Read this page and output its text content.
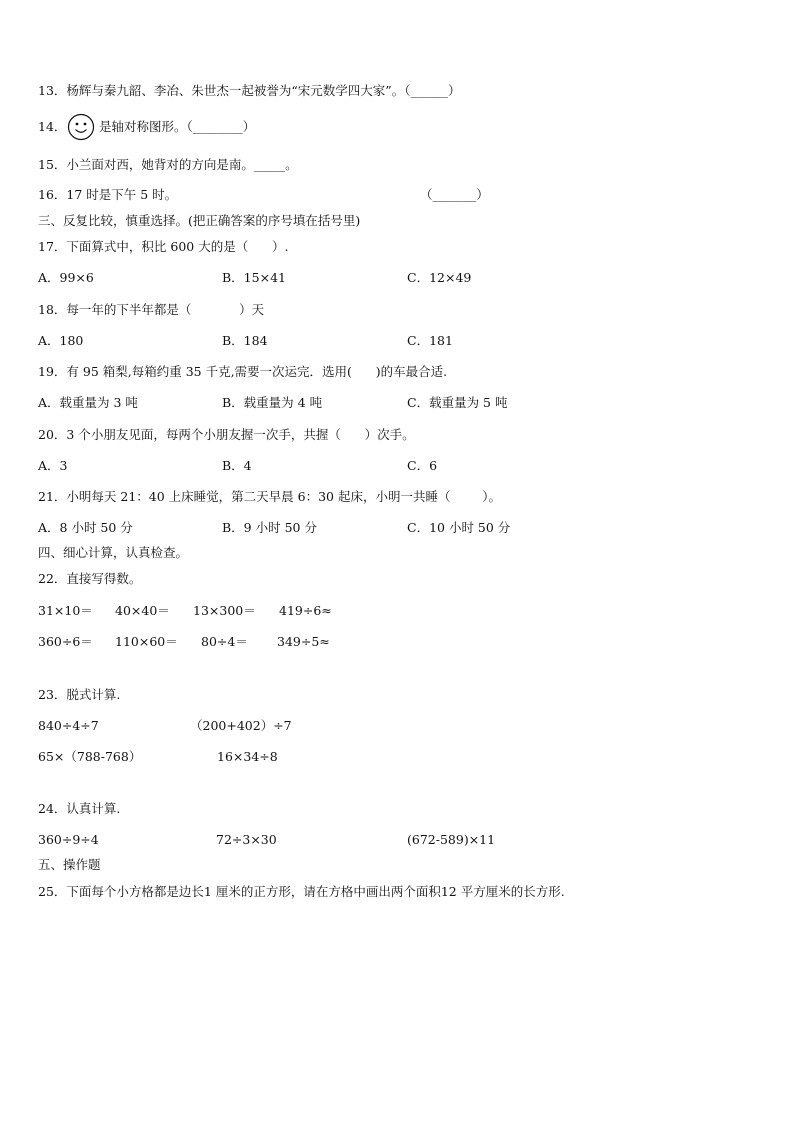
13．杨辉与秦九韶、李冶、朱世杰一起被誉为“宋元数学四大家”。（______）
14．	是轴对称图形。（________）
15．小兰面对西，她背对的方向是南。_____。
16．17 时是下午 5 时。	（_______）
三、反复比较，慎重选择。(把正确答案的序号填在括号里)
17．下面算式中，积比 600 大的是（      ）.
A．99×6	B．15×41	C．12×49
18．每一年的下半年都是（            ）天
A．180	B．184	C．181
19．有 95 箱梨,每箱约重 35 千克,需要一次运完．选用(      )的车最合适.
A．载重量为 3 吨	B．载重量为 4 吨	C．载重量为 5 吨
20．3 个小朋友见面，每两个小朋友握一次手，共握（      ）次手。
A．3	B．4	C．6
21．小明每天 21：40 上床睡觉，第二天早晨 6：30 起床，小明一共睡（        ）。
A．8 小时 50 分	B．9 小时 50 分	C．10 小时 50 分
四、细心计算，认真检查。
22．直接写得数。
31×10＝ 40×40＝ 13×300＝ 419÷6≈
360÷6＝ 110×60＝ 80÷4＝ 349÷5≈
23．脱式计算.
840÷4÷7	（200+402）÷7
65×（788-768）	16×34÷8
24．认真计算.
360÷9÷4	72÷3×30	(672-589)×11
五、操作题
25．下面每个小方格都是边长1 厘米的正方形，请在方格中画出两个面积12 平方厘米的长方形.
